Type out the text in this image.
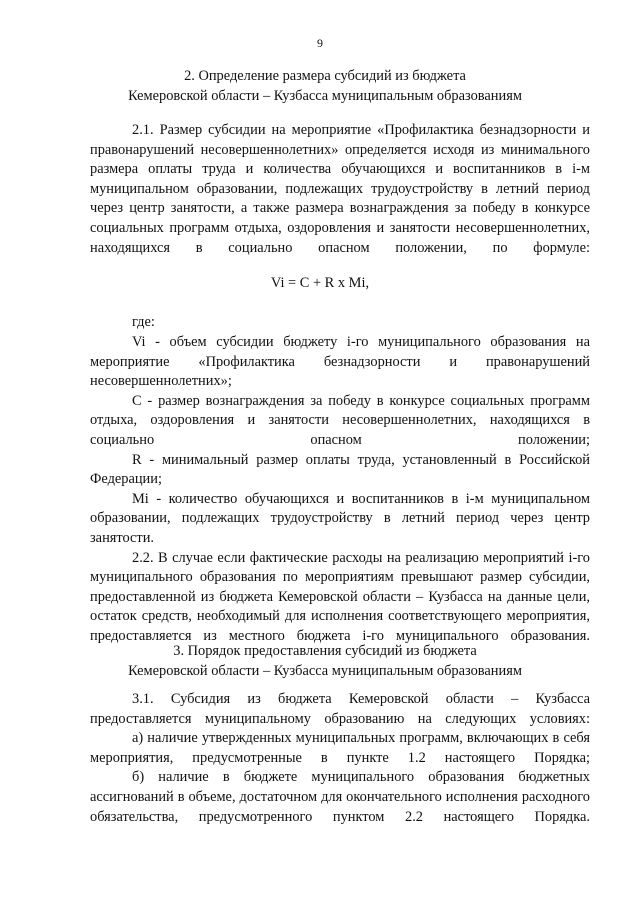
9
2. Определение размера субсидий из бюджета
Кемеровской области – Кузбасса муниципальным образованиям
2.1. Размер субсидии на мероприятие «Профилактика безнадзорности и правонарушений несовершеннолетних» определяется исходя из минимального размера оплаты труда и количества обучающихся и воспитанников в i-м муниципальном образовании, подлежащих трудоустройству в летний период через центр занятости, а также размера вознаграждения за победу в конкурсе социальных программ отдыха, оздоровления и занятости несовершеннолетних, находящихся в социально опасном положении, по формуле:
Vi = C + R x Mi,
где:

Vi - объем субсидии бюджету i-го муниципального образования на мероприятие «Профилактика безнадзорности и правонарушений несовершеннолетних»;

С - размер вознаграждения за победу в конкурсе социальных программ отдыха, оздоровления и занятости несовершеннолетних, находящихся в социально опасном положении;

R - минимальный размер оплаты труда, установленный в Российской Федерации;

Mi - количество обучающихся и воспитанников в i-м муниципальном образовании, подлежащих трудоустройству в летний период через центр занятости.

2.2. В случае если фактические расходы на реализацию мероприятий i-го муниципального образования по мероприятиям превышают размер субсидии, предоставленной из бюджета Кемеровской области – Кузбасса на данные цели, остаток средств, необходимый для исполнения соответствующего мероприятия, предоставляется из местного бюджета i-го муниципального образования.

3. Порядок предоставления субсидий из бюджета
Кемеровской области – Кузбасса муниципальным образованиям

3.1. Субсидия из бюджета Кемеровской области – Кузбасса предоставляется муниципальному образованию на следующих условиях:

а) наличие утвержденных муниципальных программ, включающих в себя мероприятия, предусмотренные в пункте 1.2 настоящего Порядка;

б) наличие в бюджете муниципального образования бюджетных ассигнований в объеме, достаточном для окончательного исполнения расходного обязательства, предусмотренного пунктом 2.2 настоящего Порядка.
